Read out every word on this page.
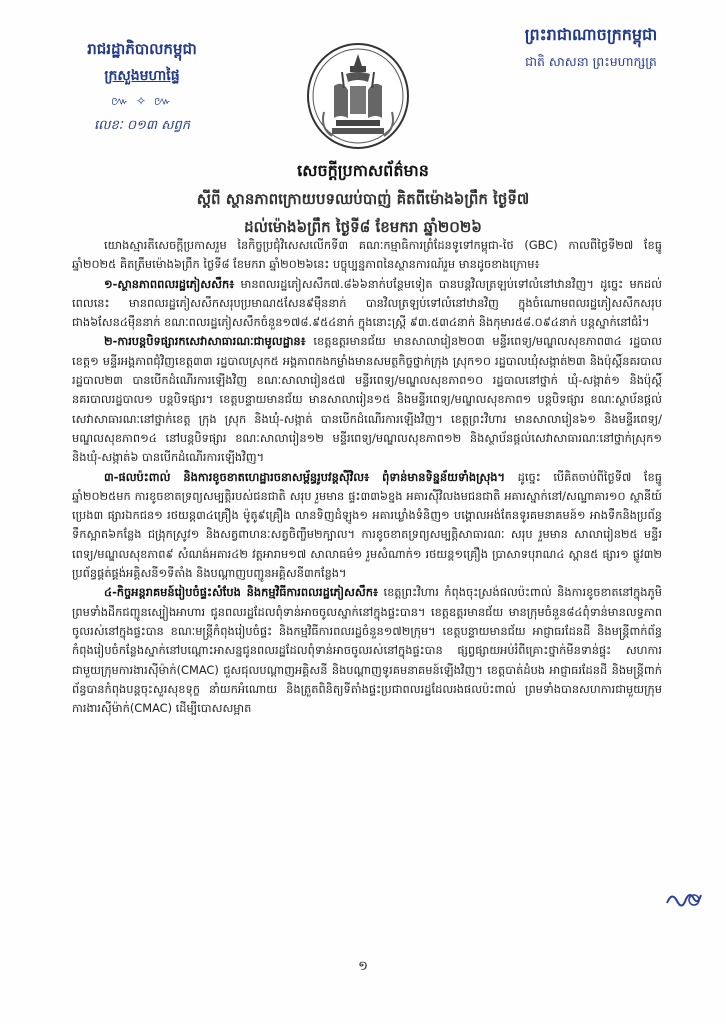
រាជរដ្ឋាភិបាលកម្ពុជា
ក្រសួងមហាផ្ទៃ
៚ ✧ ៚
លេខៈ ០១៣ សព្វក
ព្រះរាជាណាចក្រកម្ពុជា
ជាតិ សាសនា ព្រះមហាក្សត្រ
សេចក្តីប្រកាសព័ត៌មាន
ស្តីពី ស្ថានភាពក្រោយបទឈប់បាញ់ គិតពីម៉ោង៦ព្រឹក ថ្ងៃទី៧
ដល់ម៉ោង៦ព្រឹក ថ្ងៃទី៨ ខែមករា ឆ្នាំ២០២៦

យោងស្មារតីសេចក្តីប្រកាសរួម នៃកិច្ចប្រជុំវិសេសលើកទី៣ គណៈកម្មាធិការព្រំដែនទូទៅកម្ពុជា-ថៃ (GBC) កាលពីថ្ងៃទី២៧ ខែធ្នូ ឆ្នាំ២០២៥ គិតត្រឹមម៉ោង៦ព្រឹក ថ្ងៃទី៨ ខែមករា ឆ្នាំ២០២៦នេះ បច្ចុប្បន្នភាពនៃស្ថានការណ៍រួម មានដូចខាងក្រោម៖

១-ស្ថានភាពពលរដ្ឋភៀសសឹក៖ មានពលរដ្ឋភៀសសឹក៧.៨៦៦នាក់បន្ថែមទៀត បានបន្តវិលត្រឡប់ទៅលំនៅឋានវិញ។ ដូច្នេះ មកដល់ពេលនេះ មានពលរដ្ឋភៀសសឹកសរុបប្រមាណ៥សែន៩ម៉ឺននាក់ បានវិលត្រឡប់ទៅលំនៅឋានវិញ ក្នុងចំណោមពលរដ្ឋភៀសសឹកសរុបជាង៦សែន៤ម៉ឺននាក់ ខណៈពលរដ្ឋភៀសសឹកចំនួន១៧៨.៩៥៤នាក់ ក្នុងនោះស្ត្រី ៩៣.៥៣៤នាក់ និងកុមារ៥៨.០៩៤នាក់ បន្តស្នាក់នៅជំរំ។

២-ការបន្តបិទផ្សារកសេវាសាធារណៈជាមូលដ្ឋាន៖ ខេត្តឧត្តរមានជ័យ មានសាលារៀន២០៣ មន្ទីរពេទ្យ/មណ្ឌលសុខភាព៣៤ រដ្ឋបាលខេត្ត១ មន្ទីរអង្គភាពជុំវិញខេត្ត៣៣ រដ្ឋបាលស្រុក៥ អង្គភាពកងកម្លាំងមានសមត្ថកិច្ចថ្នាក់ក្រុង ស្រុក១០ រដ្ឋបាលឃុំសង្កាត់២៣ និងប៉ុស្តិ៍នគរបាលរដ្ឋបាល២៣ បានបើកដំណើរការឡើងវិញ ខណៈសាលារៀន៥៧ មន្ទីរពេទ្យ/មណ្ឌលសុខភាព១០ រដ្ឋបាលនៅថ្នាក់ ឃុំ-សង្កាត់១ និងប៉ុស្តិ៍នគរបាលរដ្ឋបាល១ បន្តបិទផ្សារ។ ខេត្តបន្ទាយមានជ័យ មានសាលារៀន១៥ និងមន្ទីរពេទ្យ/មណ្ឌលសុខភាព១ បន្តបិទផ្សារ ខណៈស្ថាប័នផ្តល់សេវាសាធារណៈនៅថ្នាក់ខេត្ត ក្រុង ស្រុក និងឃុំ-សង្កាត់ បានបើកដំណើរការឡើងវិញ។ ខេត្តព្រះវិហារ មានសាលារៀន៦១ និងមន្ទីរពេទ្យ/មណ្ឌលសុខភាព១៤ នៅបន្តបិទផ្សារ ខណៈសាលារៀន១២ មន្ទីរពេទ្យ/មណ្ឌលសុខភាព១២ និងស្ថាប័នផ្តល់សេវាសាធារណៈនៅថ្នាក់ស្រុក១ និងឃុំ-សង្កាត់៦ បានបើកដំណើរការឡើងវិញ។

៣-ផលប៉ះពាល់ និងការខូចខាតហេដ្ឋារចនាសម្ព័ន្ធរូបវន្តស៊ីវិល៖ ពុំទាន់មានទិន្នន័យទាំងស្រុង។ ដូច្នេះ បើគិតចាប់ពីថ្ងៃទី៧ ខែធ្នូ ឆ្នាំ២០២៥មក ការខូចខាតទ្រព្យសម្បត្តិរបស់ជនជាតិ សរុប រួមមាន ផ្ទះ៣៣៦ខ្នង អគារស៊ីវិលងមជនជាតិ អគារស្នាក់នៅ/សណ្ឋាគារ១០ ស្ថានីយ៍ប្រេង៣ ផ្សារឯកជន១ រថយន្ត៣៤គ្រឿង ម៉ូតូ៩គ្រឿង លានទិញដំឡូង១ អគារឃ្លាំងទំនិញ១ បង្គោលអង់តែនទូរគមនាគមន៍១ អាងទឹកនិងប្រព័ន្ធទឹកស្អាត៦កន្លែង ជង្រុកស្រូវ១ និងសត្វពាហនៈសត្វចិញ្ចឹម២ក្បាល។ ការខូចខាតទ្រព្យសម្បត្តិសាធារណៈ សរុប រួមមាន សាលារៀន២៥ មន្ទីរពេទ្យ/មណ្ឌលសុខភាព៩ សំណង់អគារ៤២ វត្តអារាម១៧ សាលាធម៌១ រួមសំណាក់១ រថយន្ត១គ្រឿង ប្រាសាទបុរាណ៤ ស្ពាន៥ ផ្សារ១ ផ្លូវ៣២ ប្រព័ន្ធផ្គត់ផ្គង់អគ្គិសនី១ទីតាំង និងបណ្តាញបញ្ជូនអគ្គិសនី៣កន្លែង។

៤-កិច្ចអន្តរាគមន៍រៀបចំផ្ទះសំបែង និងកម្មវិធីការពលរដ្ឋភៀសសឹក៖ ខេត្តព្រះវិហារ កំពុងចុះស្រង់ផលប៉ះពាល់ និងការខូចខាតនៅក្នុងភូមិ ព្រមទាំងដឹកជញ្ជូនស្បៀងអាហារ ជូនពលរដ្ឋដែលពុំទាន់អាចចូលស្នាក់នៅក្នុងផ្ទះបាន។ ខេត្តឧត្តរមានជ័យ មានក្រុមចំនួន៨៤ពុំទាន់មានលទ្ធភាពចូលរស់នៅក្នុងផ្ទះបាន ខណៈមន្ត្រីកំពុងរៀបចំផ្ទះ និងកម្មវិធីការពលរដ្ឋចំនួន១៧២ក្រុម។ ខេត្តបន្ទាយមានជ័យ អាជ្ញាធរដែនដី និងមន្ត្រីពាក់ព័ន្ធកំពុងរៀបចំកន្លែងស្នាក់នៅបណ្តោះអាសន្នជូនពលរដ្ឋដែលពុំទាន់អាចចូលរស់នៅក្នុងផ្ទះបាន ផ្សព្វផ្សាយអប់រំពីគ្រោះថ្នាក់មីនទាន់ផ្ទុះ សហការជាមួយក្រុមការងារស៊ីម៉ាក់(CMAC) ជួសជុលបណ្តាញអគ្គិសនី និងបណ្តាញទូរគមនាគមន៍ឡើងវិញ។ ខេត្តបាត់ដំបង អាជ្ញាធរដែនដី និងមន្ត្រីពាក់ព័ន្ធបានកំពុងបន្តចុះសួរសុខទុក្ខ នាំយកអំណោយ និងត្រួតពិនិត្យទីតាំងផ្ទះប្រជាពលរដ្ឋដែលរងផលប៉ះពាល់ ព្រមទាំងបានសហការជាមួយក្រុមការងារស៊ីម៉ាក់(CMAC) ដើម្បីបោសសម្អាត

១
